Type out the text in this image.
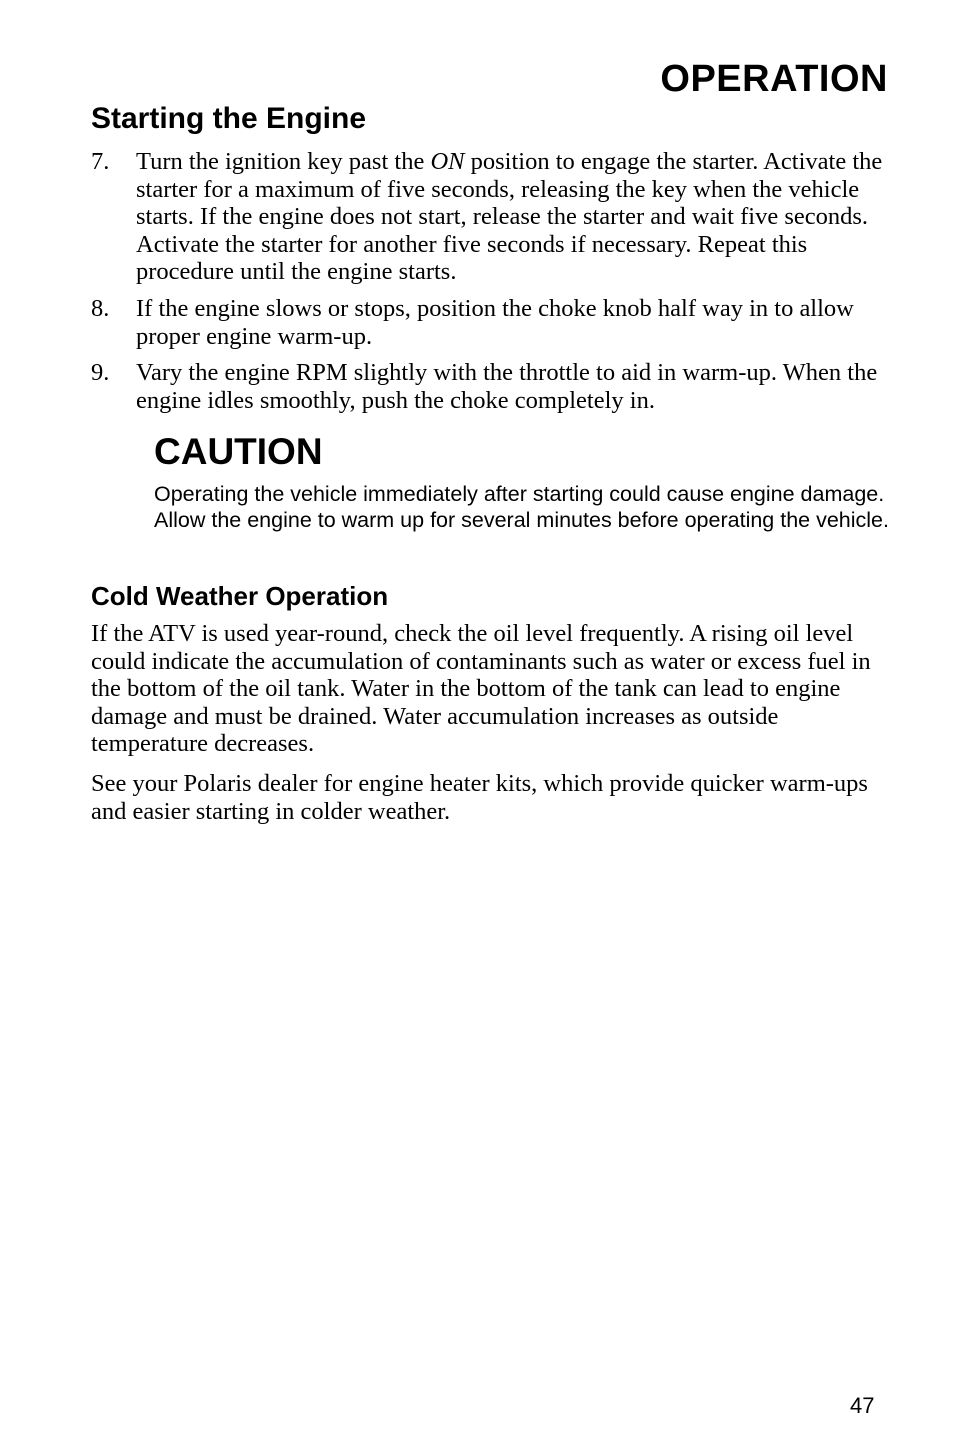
OPERATION
Starting the Engine
7. Turn the ignition key past the ON position to engage the starter. Activate the starter for a maximum of five seconds, releasing the key when the vehicle starts. If the engine does not start, release the starter and wait five seconds. Activate the starter for another five seconds if necessary. Repeat this procedure until the engine starts.
8. If the engine slows or stops, position the choke knob half way in to allow proper engine warm-up.
9. Vary the engine RPM slightly with the throttle to aid in warm-up. When the engine idles smoothly, push the choke completely in.
CAUTION

Operating the vehicle immediately after starting could cause engine damage. Allow the engine to warm up for several minutes before operating the vehicle.

Cold Weather Operation

If the ATV is used year-round, check the oil level frequently. A rising oil level could indicate the accumulation of contaminants such as water or excess fuel in the bottom of the oil tank. Water in the bottom of the tank can lead to engine damage and must be drained. Water accumulation increases as outside temperature decreases.

See your Polaris dealer for engine heater kits, which provide quicker warm-ups and easier starting in colder weather.

47
